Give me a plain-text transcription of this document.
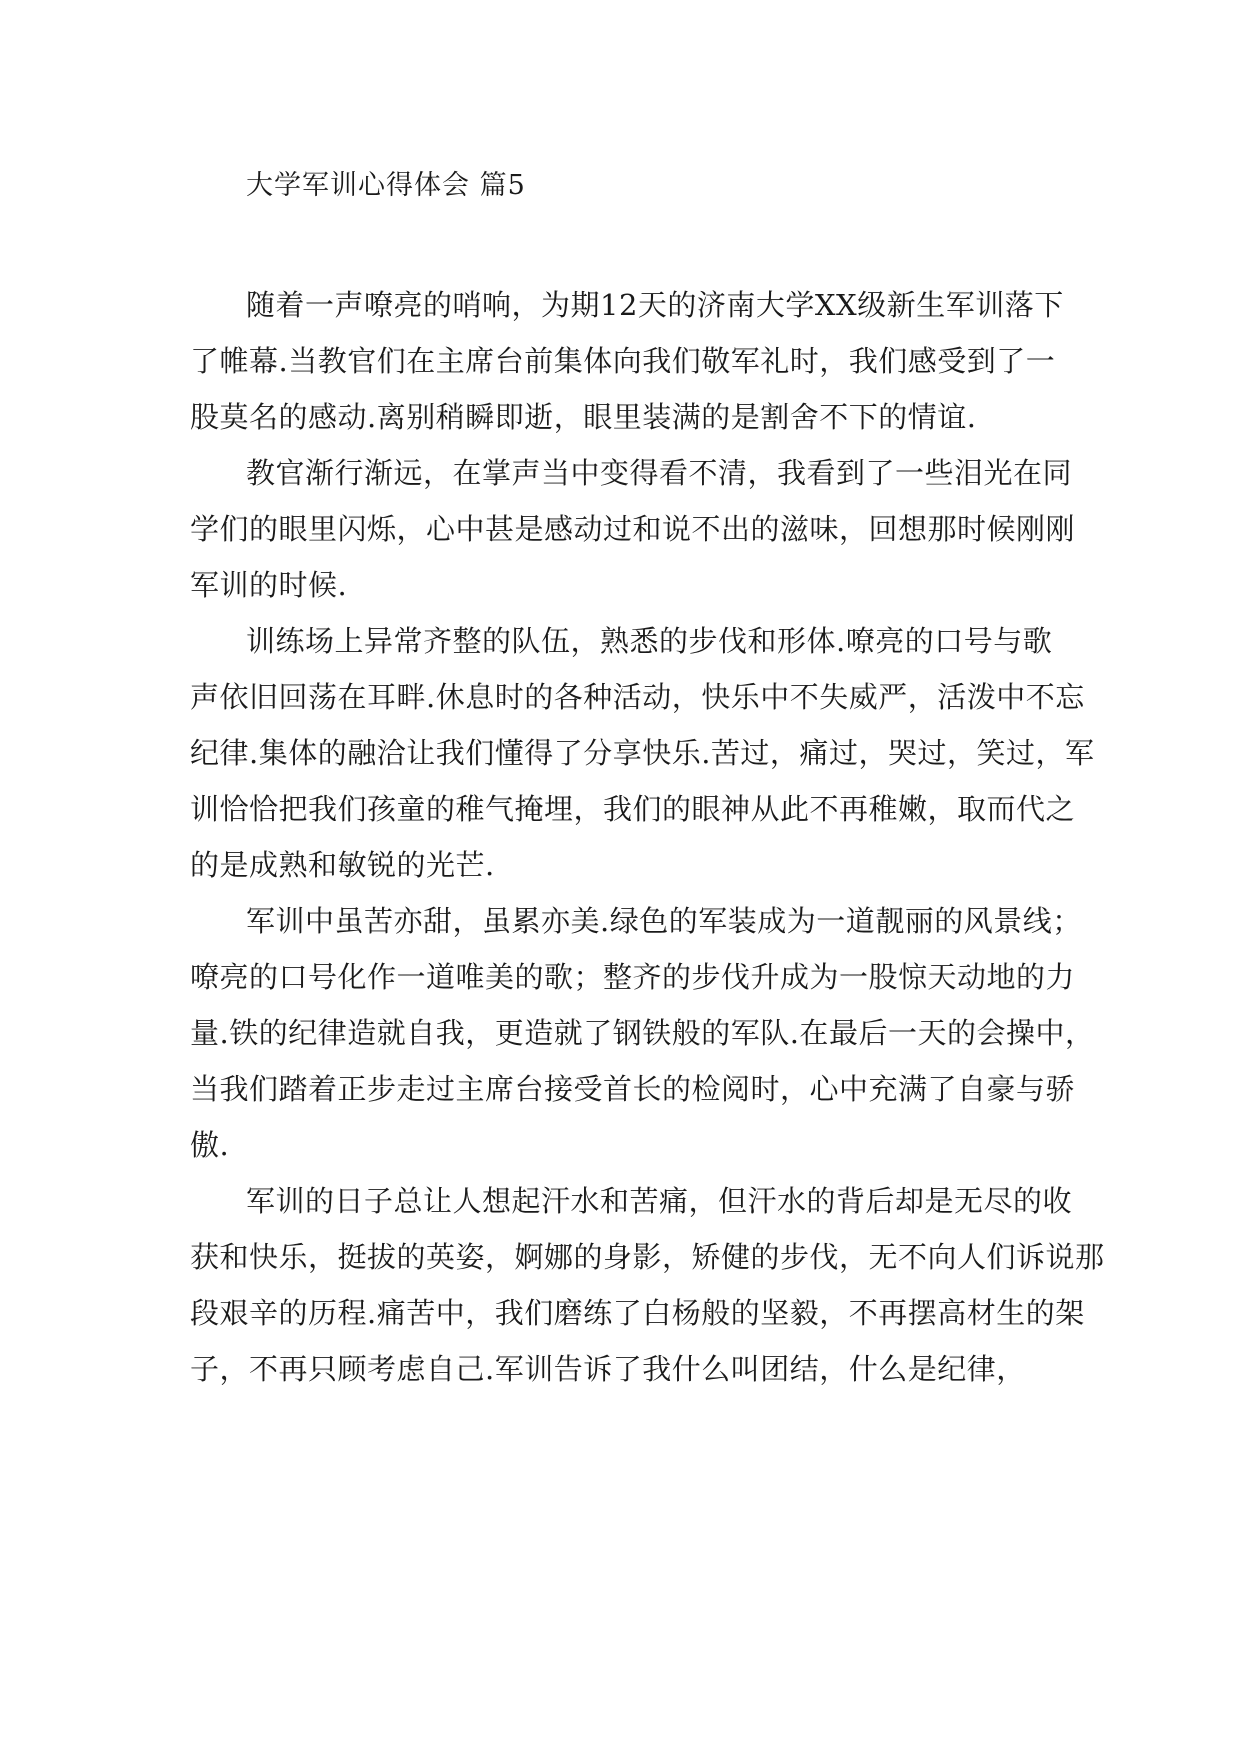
大学军训心得体会 篇5

随着一声嘹亮的哨响，为期12天的济南大学XX级新生军训落下
了帷幕.当教官们在主席台前集体向我们敬军礼时，我们感受到了一
股莫名的感动.离别稍瞬即逝，眼里装满的是割舍不下的情谊.

教官渐行渐远，在掌声当中变得看不清，我看到了一些泪光在同
学们的眼里闪烁，心中甚是感动过和说不出的滋味，回想那时候刚刚
军训的时候.

训练场上异常齐整的队伍，熟悉的步伐和形体.嘹亮的口号与歌
声依旧回荡在耳畔.休息时的各种活动，快乐中不失威严，活泼中不忘
纪律.集体的融洽让我们懂得了分享快乐.苦过，痛过，哭过，笑过，军
训恰恰把我们孩童的稚气掩埋，我们的眼神从此不再稚嫩，取而代之
的是成熟和敏锐的光芒.

军训中虽苦亦甜，虽累亦美.绿色的军装成为一道靓丽的风景线；
嘹亮的口号化作一道唯美的歌；整齐的步伐升成为一股惊天动地的力
量.铁的纪律造就自我，更造就了钢铁般的军队.在最后一天的会操中，
当我们踏着正步走过主席台接受首长的检阅时，心中充满了自豪与骄
傲.

军训的日子总让人想起汗水和苦痛，但汗水的背后却是无尽的收
获和快乐，挺拔的英姿，婀娜的身影，矫健的步伐，无不向人们诉说那
段艰辛的历程.痛苦中，我们磨练了白杨般的坚毅，不再摆高材生的架
子，不再只顾考虑自己.军训告诉了我什么叫团结，什么是纪律，
